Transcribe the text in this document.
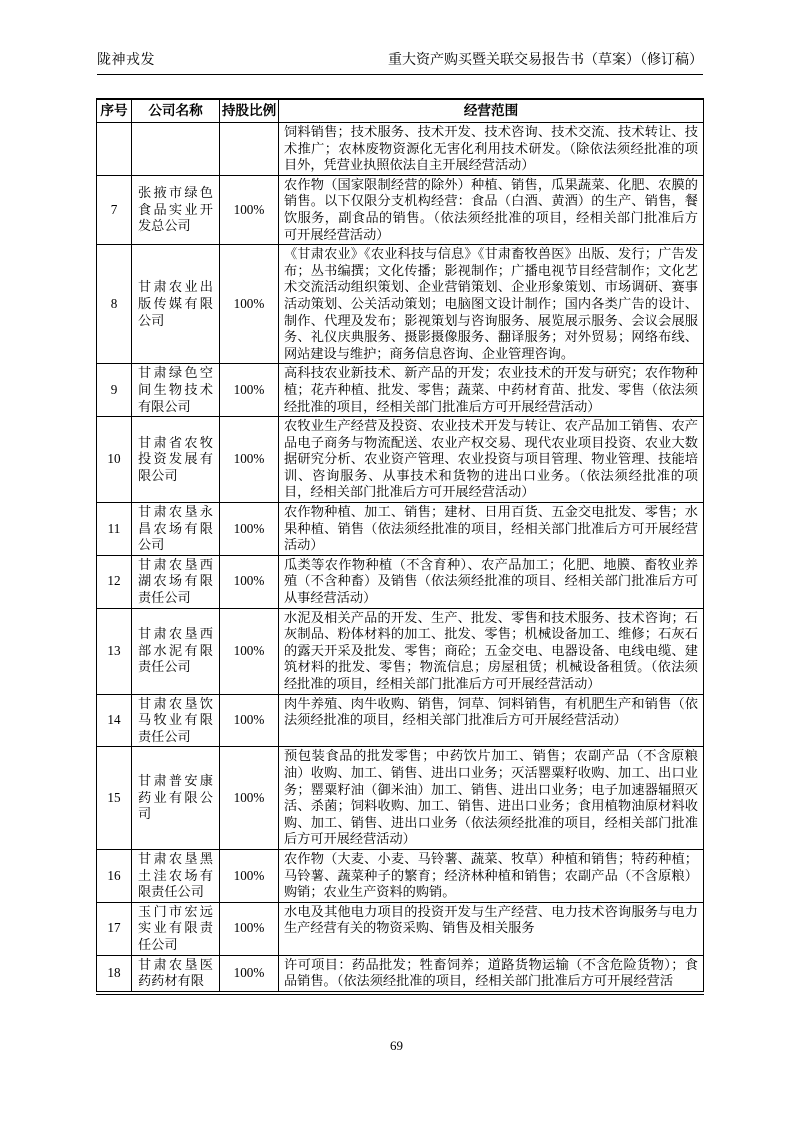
陇神戎发	重大资产购买暨关联交易报告书（草案）（修订稿）
序号	公司名称	持股比例	经营范围
			饲料销售；技术服务、技术开发、技术咨询、技术交流、技术转让、技术推广；农林废物资源化无害化利用技术研发。（除依法须经批准的项目外，凭营业执照依法自主开展经营活动）
7	张掖市绿色食品实业开发总公司	100%	农作物（国家限制经营的除外）种植、销售，瓜果蔬菜、化肥、农膜的销售。以下仅限分支机构经营：食品（白酒、黄酒）的生产、销售，餐饮服务，副食品的销售。（依法须经批准的项目，经相关部门批准后方可开展经营活动）
8	甘肃农业出版传媒有限公司	100%	《甘肃农业》《农业科技与信息》《甘肃畜牧兽医》出版、发行；广告发布；丛书编撰；文化传播；影视制作；广播电视节目经营制作；文化艺术交流活动组织策划、企业营销策划、企业形象策划、市场调研、赛事活动策划、公关活动策划；电脑图文设计制作；国内各类广告的设计、制作、代理及发布；影视策划与咨询服务、展览展示服务、会议会展服务、礼仪庆典服务、摄影摄像服务、翻译服务；对外贸易；网络布线、网站建设与维护；商务信息咨询、企业管理咨询。
9	甘肃绿色空间生物技术有限公司	100%	高科技农业新技术、新产品的开发；农业技术的开发与研究；农作物种植；花卉种植、批发、零售；蔬菜、中药材育苗、批发、零售（依法须经批准的项目，经相关部门批准后方可开展经营活动）
10	甘肃省农牧投资发展有限公司	100%	农牧业生产经营及投资、农业技术开发与转让、农产品加工销售、农产品电子商务与物流配送、农业产权交易、现代农业项目投资、农业大数据研究分析、农业资产管理、农业投资与项目管理、物业管理、技能培训、咨询服务、从事技术和货物的进出口业务。（依法须经批准的项目，经相关部门批准后方可开展经营活动）
11	甘肃农垦永昌农场有限公司	100%	农作物种植、加工、销售；建材、日用百货、五金交电批发、零售；水果种植、销售（依法须经批准的项目，经相关部门批准后方可开展经营活动）
12	甘肃农垦西湖农场有限责任公司	100%	瓜类等农作物种植（不含育种）、农产品加工；化肥、地膜、畜牧业养殖（不含种畜）及销售（依法须经批准的项目、经相关部门批准后方可从事经营活动）
13	甘肃农垦西部水泥有限责任公司	100%	水泥及相关产品的开发、生产、批发、零售和技术服务、技术咨询；石灰制品、粉体材料的加工、批发、零售；机械设备加工、维修；石灰石的露天开采及批发、零售；商砼；五金交电、电器设备、电线电缆、建筑材料的批发、零售；物流信息；房屋租赁；机械设备租赁。（依法须经批准的项目，经相关部门批准后方可开展经营活动）
14	甘肃农垦饮马牧业有限责任公司	100%	肉牛养殖、肉牛收购、销售，饲草、饲料销售，有机肥生产和销售（依法须经批准的项目，经相关部门批准后方可开展经营活动）
15	甘肃普安康药业有限公司	100%	预包装食品的批发零售；中药饮片加工、销售；农副产品（不含原粮油）收购、加工、销售、进出口业务；灭活罂粟籽收购、加工、出口业务；罂粟籽油（御米油）加工、销售、进出口业务；电子加速器辐照灭活、杀菌；饲料收购、加工、销售、进出口业务；食用植物油原材料收购、加工、销售、进出口业务（依法须经批准的项目，经相关部门批准后方可开展经营活动）
16	甘肃农垦黑土洼农场有限责任公司	100%	农作物（大麦、小麦、马铃薯、蔬菜、牧草）种植和销售；特药种植；马铃薯、蔬菜种子的繁育；经济林种植和销售；农副产品（不含原粮）购销；农业生产资料的购销。
17	玉门市宏远实业有限责任公司	100%	水电及其他电力项目的投资开发与生产经营、电力技术咨询服务与电力生产经营有关的物资采购、销售及相关服务
18	甘肃农垦医药药材有限	100%	许可项目：药品批发；牲畜饲养；道路货物运输（不含危险货物）；食品销售。（依法须经批准的项目，经相关部门批准后方可开展经营活
69
